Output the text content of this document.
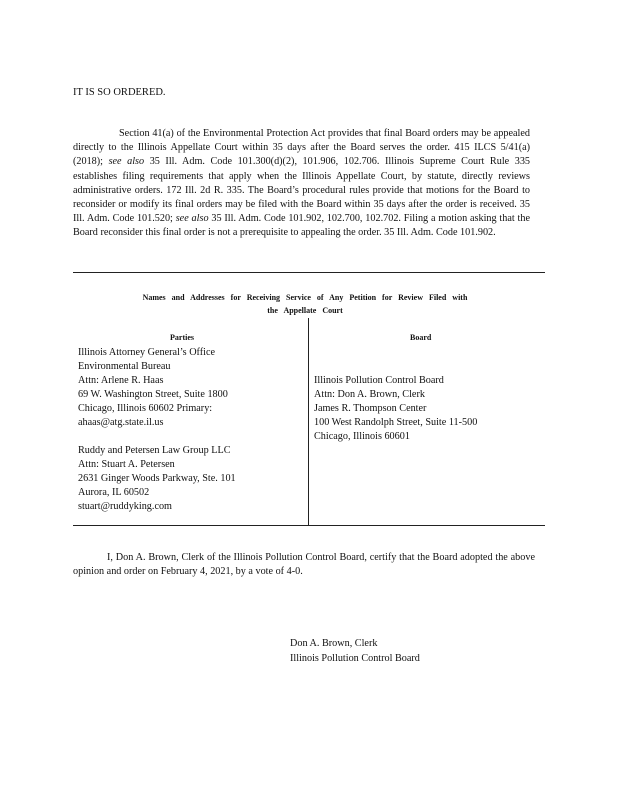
IT IS SO ORDERED.
Section 41(a) of the Environmental Protection Act provides that final Board orders may be appealed directly to the Illinois Appellate Court within 35 days after the Board serves the order. 415 ILCS 5/41(a) (2018); see also 35 Ill. Adm. Code 101.300(d)(2), 101.906, 102.706. Illinois Supreme Court Rule 335 establishes filing requirements that apply when the Illinois Appellate Court, by statute, directly reviews administrative orders. 172 Ill. 2d R. 335. The Board’s procedural rules provide that motions for the Board to reconsider or modify its final orders may be filed with the Board within 35 days after the order is received. 35 Ill. Adm. Code 101.520; see also 35 Ill. Adm. Code 101.902, 102.700, 102.702. Filing a motion asking that the Board reconsider this final order is not a prerequisite to appealing the order. 35 Ill. Adm. Code 101.902.
Names and Addresses for Receiving Service of Any Petition for Review Filed with the Appellate Court
Parties	Board
Illinois Attorney General’s Office
Environmental Bureau
Attn: Arlene R. Haas
69 W. Washington Street, Suite 1800
Chicago, Illinois 60602 Primary:
ahaas@atg.state.il.us
Ruddy and Petersen Law Group LLC
Attn: Stuart A. Petersen
2631 Ginger Woods Parkway, Ste. 101
Aurora, IL 60502
stuart@ruddyking.com
Illinois Pollution Control Board
Attn: Don A. Brown, Clerk
James R. Thompson Center
100 West Randolph Street, Suite 11-500
Chicago, Illinois 60601
I, Don A. Brown, Clerk of the Illinois Pollution Control Board, certify that the Board adopted the above opinion and order on February 4, 2021, by a vote of 4-0.
Don A. Brown, Clerk
Illinois Pollution Control Board
